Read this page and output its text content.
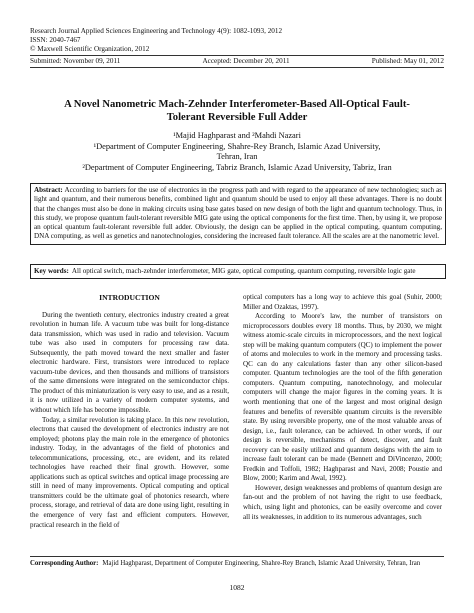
Research Journal Applied Sciences Engineering and Technology 4(9): 1082-1093, 2012
ISSN: 2040-7467
© Maxwell Scientific Organization, 2012
Submitted: November 09, 2011	Accepted: December 20, 2011	Published: May 01, 2012
A Novel Nanometric Mach-Zehnder Interferometer-Based All-Optical Fault-
Tolerant Reversible Full Adder
¹Majid Haghparast and ²Mahdi Nazari
¹Department of Computer Engineering, Shahre-Rey Branch, Islamic Azad University,
Tehran, Iran
²Department of Computer Engineering, Tabriz Branch, Islamic Azad University, Tabriz, Iran
Abstract: According to barriers for the use of electronics in the progress path and with regard to the appearance of new technologies; such as light and quantum, and their numerous benefits, combined light and quantum should be used to enjoy all these advantages. There is no doubt that the changes must also be done in making circuits using base gates based on new design of both the light and quantum technology. Thus, in this study, we propose quantum fault-tolerant reversible MIG gate using the optical components for the first time. Then, by using it, we propose an optical quantum fault-tolerant reversible full adder. Obviously, the design can be applied in the optical computing, quantum computing, DNA computing, as well as genetics and nanotechnologies, considering the increased fault tolerance. All the scales are at the nanometric level.
Key words: All optical switch, mach-zehnder interferometer, MIG gate, optical computing, quantum computing, reversible logic gate
INTRODUCTION

During the twentieth century, electronics industry created a great revolution in human life. A vacuum tube was built for long-distance data transmission, which was used in radio and television. Vacuum tube was also used in computers for processing raw data. Subsequently, the path moved toward the next smaller and faster electronic hardware. First, transistors were introduced to replace vacuum-tube devices, and then thousands and millions of transistors of the same dimensions were integrated on the semiconductor chips. The product of this miniaturization is very easy to use, and as a result, it is now utilized in a variety of modern computer systems, and without which life has become impossible.

Today, a similar revolution is taking place. In this new revolution, electrons that caused the development of electronics industry are not employed; photons play the main role in the emergence of photonics industry. Today, in the advantages of the field of photonics and telecommunications, processing, etc., are evident, and its related technologies have reached their final growth. However, some applications such as optical switches and optical image processing are still in need of many improvements. Optical computing and optical transmitters could be the ultimate goal of photonics research, where process, storage, and retrieval of data are done using light, resulting in the emergence of very fast and efficient computers. However, practical research in the field of

optical computers has a long way to achieve this goal (Suhir, 2000; Miller and Ozaktas, 1997).

According to Moore's law, the number of transistors on microprocessors doubles every 18 months. Thus, by 2030, we might witness atomic-scale circuits in microprocessors, and the next logical step will be making quantum computers (QC) to implement the power of atoms and molecules to work in the memory and processing tasks. QC can do any calculations faster than any other silicon-based computer. Quantum technologies are the tool of the fifth generation computers. Quantum computing, nanotechnology, and molecular computers will change the major figures in the coming years. It is worth mentioning that one of the largest and most original design features and benefits of reversible quantum circuits is the reversible state. By using reversible property, one of the most valuable areas of design, i.e., fault tolerance, can be achieved. In other words, if our design is reversible, mechanisms of detect, discover, and fault recovery can be easily utilized and quantum designs with the aim to increase fault tolerant can be made (Bennett and DiVincenzo, 2000; Fredkin and Toffoli, 1982; Haghparast and Navi, 2008; Poustie and Blow, 2000; Karim and Awal, 1992).

However, design weaknesses and problems of quantum design are fan-out and the problem of not having the right to use feedback, which, using light and photonics, can be easily overcome and cover all its weaknesses, in addition to its numerous advantages, such

Corresponding Author: Majid Haghparast, Department of Computer Engineering, Shahre-Rey Branch, Islamic Azad University, Tehran, Iran
1082
